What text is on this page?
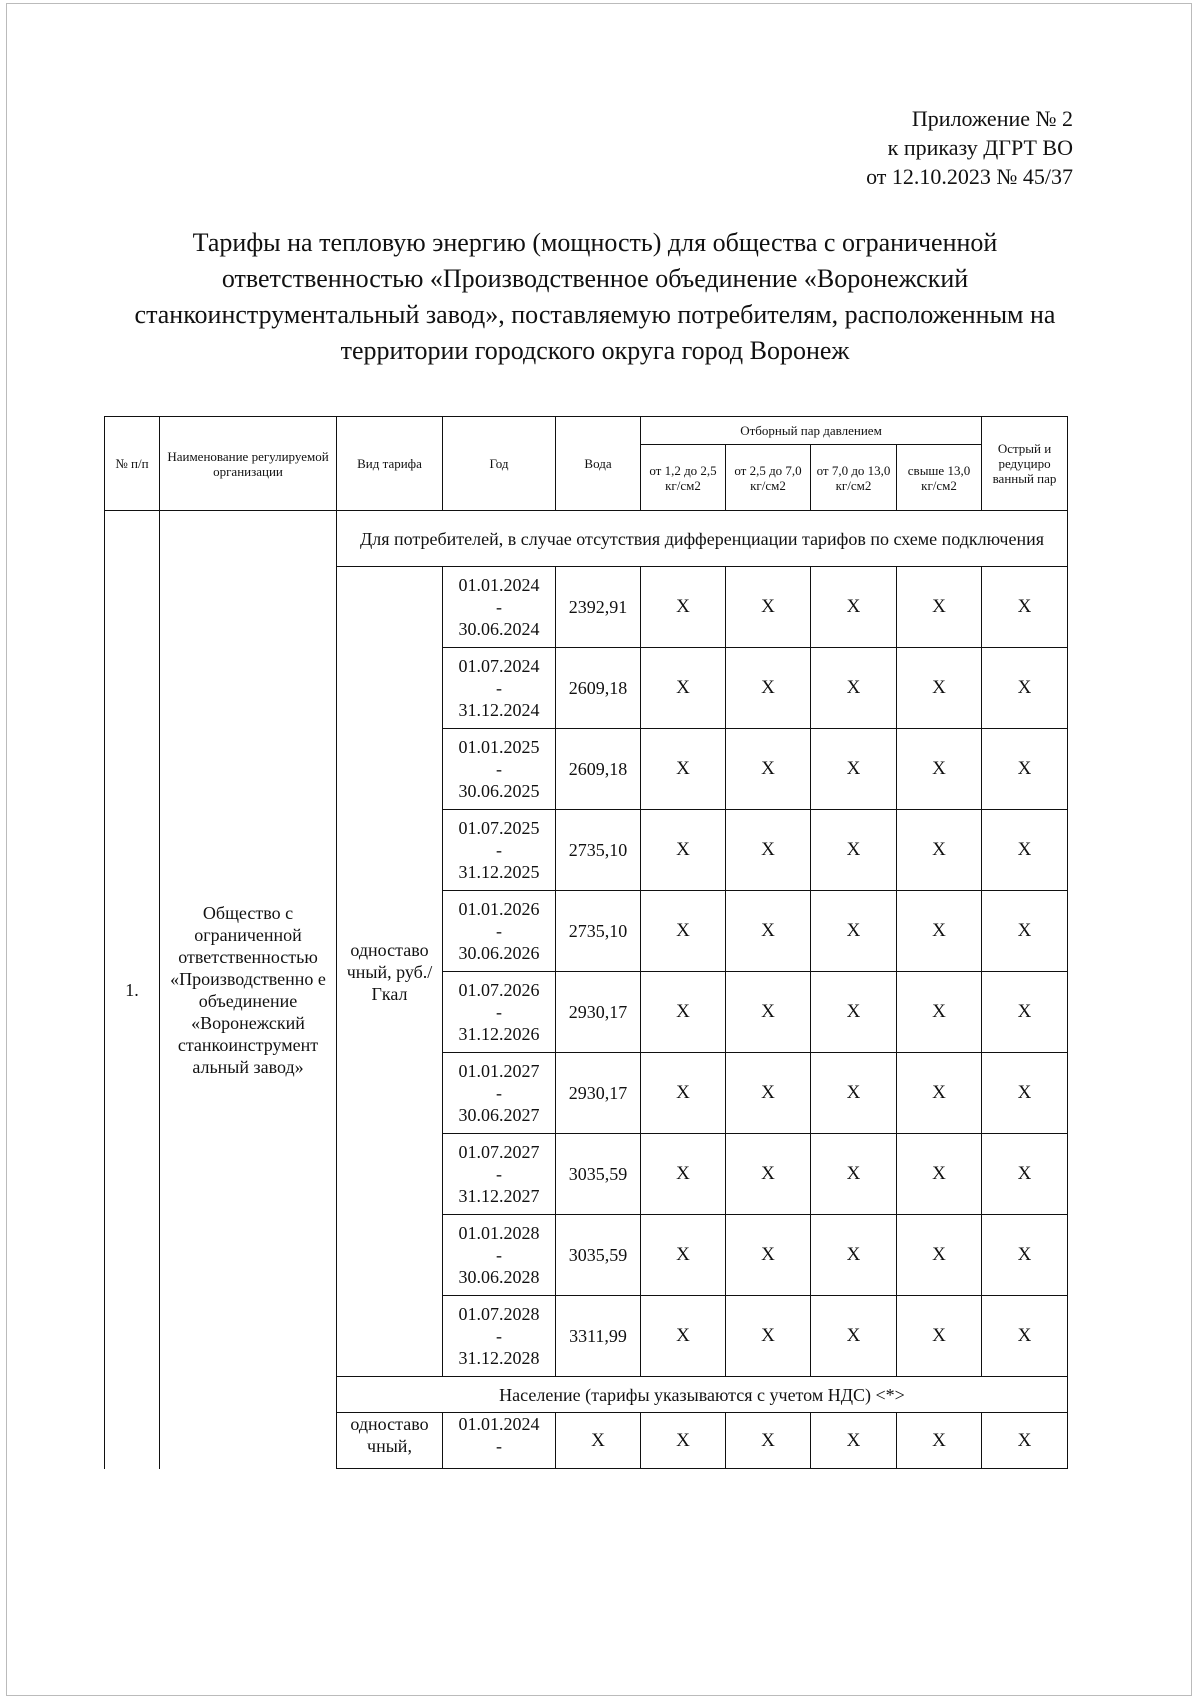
Приложение № 2
к приказу ДГРТ ВО
от 12.10.2023 № 45/37
Тарифы на тепловую энергию (мощность) для общества с ограниченной ответственностью «Производственное объединение «Воронежский станкоинструментальный завод», поставляемую потребителям, расположенным на территории городского округа город Воронеж
№ п/п	Наименование регулируемой организации	Вид тарифа	Год	Вода	Отборный пар давлением				Острый и редуциро ванный пар
					от 1,2 до 2,5 кг/см2	от 2,5 до 7,0 кг/см2	от 7,0 до 13,0 кг/см2	свыше 13,0 кг/см2	
1.	Общество с ограниченной ответственностью «Производственно е объединение «Воронежский станкоинструмент альный завод»	Для потребителей, в случае отсутствия дифференциации тарифов по схеме подключения							
		одноставо чный, руб./Гкал	01.01.2024
-
30.06.2024	2392,91	X	X	X	X	X

			01.07.2024
-
31.12.2024	2609,18	X	X	X	X	X

			01.01.2025
-
30.06.2025	2609,18	X	X	X	X	X

			01.07.2025
-
31.12.2025	2735,10	X	X	X	X	X

			01.01.2026
-
30.06.2026	2735,10	X	X	X	X	X

			01.07.2026
-
31.12.2026	2930,17	X	X	X	X	X

			01.01.2027
-
30.06.2027	2930,17	X	X	X	X	X

			01.07.2027
-
31.12.2027	3035,59	X	X	X	X	X

			01.01.2028
-
30.06.2028	3035,59	X	X	X	X	X

			01.07.2028
-
31.12.2028	3311,99	X	X	X	X	X
		Население (тарифы указываются с учетом НДС) <*>							
		одноставо чный,	01.01.2024
-	X	X	X	X	X	X
